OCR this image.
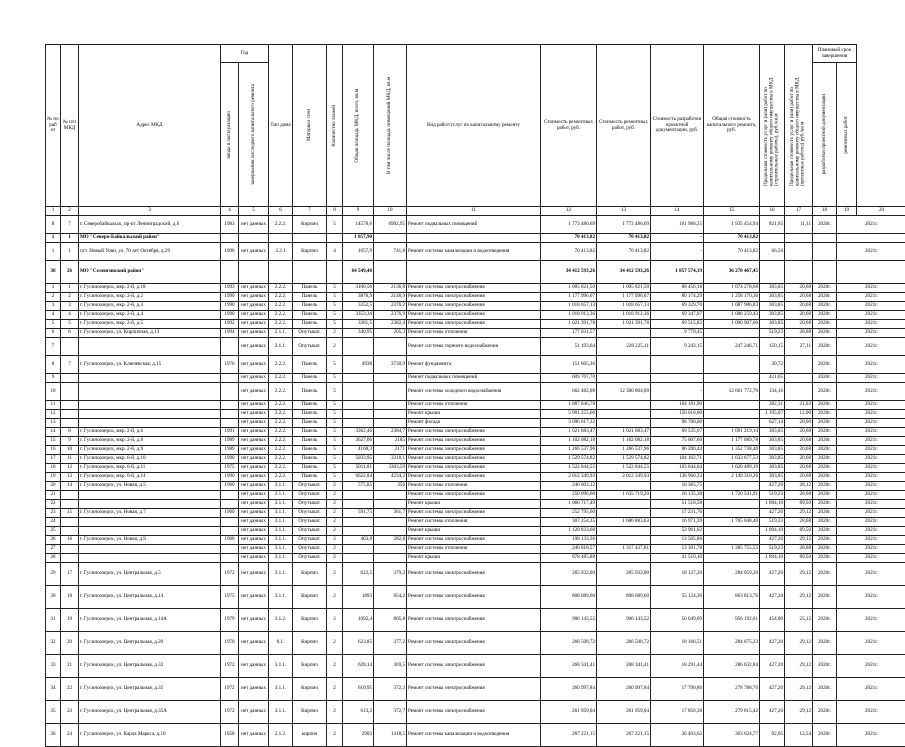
№ по раб от	№ п/п МКД	Адрес МКД	Год		Тип дома	Материал стен	Количество этажей	Общая площадь МКД, всего, кв.м	В том числе площадь помещений МКД, кв.м	Вид работ/услуг по капитальному ремонту	Стоимость ремонтных работ, руб.	Стоимость ремонтных работ, руб.	Стоимость разработки проектной документации, руб.	Общая стоимость капитального ремонта, руб.	Предельная стоимость услуг и (или) работ по капитальному ремонту общего имущества в МКД (строительные работы), руб./кв.м	Предельная стоимость услуг и (или) работ по капитальному ремонту общего имущества в МКД (проектные работы) руб./кв.м	Плановый срок завершения		

			ввода в эксплуатацию	завершения последнего капитального ремонта													разработки проектной документации	ремонтных работ	

1	2	3	4	5	6	7	8	9	10	11	12	13	14	15	16	17	18	19	20
8	7	г. Северобайкальск, пр-кт Ленинградский, д.6	1983	нет данных	2.2.2.	Кирпич	5	14578,6	6992,95	Ремонт подвальных помещений	1 773 486,69	1 773 486,69	161 968,25	1 935 454,94	821,65	11,11	2020г.	2021г.	
1	1	МО "Северо-Байкальский район"						1 057,90			70 413,82	70 413,82	-	70 413,82					
1	1	пгт. Новый Уоян, ул. 70 лет Октября, д.29	1990	нет данных	3.2.1	Кирпич	4	1057,9	741,8	Ремонт системы канализации и водоотведения	70 413,82	70 413,82	-	70 413,82	66,56			2021г.	
38	26	МО "Селенгинский район"						64 549,48			34 412 593,26	34 412 593,26	1 857 574,19	36 270 467,45					
1	1	г. Гусиноозерск, мкр. 2-й, д.18	1993	нет данных	2.2.2.	Панель	5	3100,56	2136,8	Ремонт системы электроснабжения	1 005 821,50	1 005 821,50	68 456,18	1 074 278,68	303,85	20,68	2020г.	2021г.	
2	2	г. Гусиноозерск, мкр. 2-й, д.2	1990	нет данных	2.2.2.	Панель	5	3876,9	2148,9	Ремонт системы электроснабжения	1 177 996,07	1 177 996,07	80 174,29	1 258 170,36	303,85	20,68	2020г.	2021г.	
3	3	г. Гусиноозерск, мкр. 2-й, д.3	1990	нет данных	2.2.2.	Панель	5	3352,5	2376,2	Ремонт системы электроснабжения	1 018 657,13	1 018 657,13	69 329,70	1 087 986,83	303,85	20,68	2020г.	2021г.	
4	4	г. Гусиноозерск, мкр. 2-й, д.4	1990	нет данных	2.2.2.	Панель	5	3353,34	2376,9	Ремонт системы электроснабжения	1 018 912,36	1 018 912,36	69 347,07	1 088 259,43	303,85	20,68	2020г.	2021г.	
5	5	г. Гусиноозерск, мкр. 2-й, д.5	1992	нет данных	2.2.2.	Панель	5	3361,5	2382,4	Ремонт системы электроснабжения	1 021 391,78	1 021 391,78	69 515,82	1 090 907,60	303,85	20,68	2020г.	2021г.	
6	6	г. Гусиноозерск, ул. Кирпичная, д.13	1994	нет данных	2.1.1.	Опутыкат.	2	340,95	205,3	Ремонт системы отопления	177 031,57		9 778,45		519,23	28,68	2020г.	2021г.	
7				нет данных	2.1.1.	Опутыкат.	2			Ремонт системы горячего водоснабжения	51 193,64	228 225,11	9 243,15	247 246,71	150,15	27,11	2020г.	2021г.	
8	7	г. Гусиноозерск, ул. Ключевская, д.15	1976	нет данных	2.2.2.	Панель	5	4938	3730,9	Ремонт фундамента	151 605,36				30,72		2020г.	2021г.	
9				нет данных	2.2.2.	Панель	5			Ремонт подвальных помещений	609 707,70				421,65		2020г.	2021г.	
10				нет данных	2.2.2.	Панель	5			Ремонт системы холодного водоснабжения	662 482,08	12 300 804,00	-	12 661 772,70	134,16		2020г.	2021г.	
11				нет данных	2.2.2.	Панель	5			Ремонт системы отопления	1 887 846,78		164 191,90		382,31	21,03	2020г.	2021г.	
12				нет данных	2.2.2.	Панель	5			Ремонт крыши	5 901 255,66		156 016,00		1 195,07	12,00	2020г.	2021г.	
13				нет данных	2.2.2.	Панель	5			Ремонт фасада	3 096 017,32		98 760,00		627,14	20,00	2020г.	2021г.	
14	8	г. Гусиноозерск, мкр. 2-й, д.6	1991	нет данных	2.2.2.	Панель	5	3362,46	2384,7	Ремонт системы электроснабжения	1 021 683,47	1 021 683,47	69 535,67	1 091 219,14	303,85	20,68	2020г.	2021г.	
15	9	г. Гусиноозерск, мкр. 2-й, д.8	1989	нет данных	2.2.2.	Панель	5	3627,06	2185	Ремонт системы электроснабжения	1 102 082,18	1 102 082,18	75 007,60	1 177 089,78	303,85	20,68	2020г.	2021г.	
16	10	г. Гусиноозерск, мкр. 2-й, д.9	1989	нет данных	2.2.2.	Панель	5	4168,3	2171	Ремонт системы электроснабжения	1 266 537,96	1 266 537,96	86 200,44	1 352 738,40	303,85	20,68	2020г.	2021г.	
17	11	г. Гусиноозерск, мкр. 6-й, д.10	1990	нет данных	2.2.2.	Панель	5	5033,95	3318,1	Ремонт системы электроснабжения	1 529 574,82	1 529 574,82	104 102,71	1 633 677,53	303,85	20,68	2020г.	2021г.	
18	12	г. Гусиноозерск, мкр. 6-й, д.11	1975	нет данных	2.2.2.	Панель	5	5011,81	3303,59	Ремонт системы электроснабжения	1 522 844,55	1 522 844,55	103 644,64	1 626 489,19	303,85	20,68	2020г.	2021г.	
19	13	г. Гусиноозерск, мкр. 6-й, д.14	1990	нет данных	2.2.2.	Панель	5	6622,84	4234,2	Ремонт системы электроснабжения	2 012 349,93	2 012 349,93	136 960,33	2 149 310,26	303,85	20,68	2020г.	2021г.	
20	14	г. Гусиноозерск, ул. Новая, д.5	1960	нет данных	3.1.1.	Опутыкат.	2	575,85	356	Ремонт системы отопления	246 003,12		16 365,75		427,20	28,12	2020г.	2021г.	
21				нет данных	3.1.1.	Опутыкат.	2			Ремонт системы электроснабжения	250 096,60	1 635 719,20	16 135,38	1 720 541,91	519,23	28,68	2020г.	2021г.	
22				нет данных	3.1.1.	Опутыкат.	2			Ремонт крыши	1 060 717,49		51 518,58		1 894,10	89,50	2020г.	2021г.	
23	15	г. Гусиноозерск, ул. Новая, д.7	1960	нет данных	3.1.1.	Опутыкат.	2	591,75	361,7	Ремонт системы электроснабжения	252 795,60		17 231,76		427,20	29,12	2020г.	2021г.	
24				нет данных	3.1.1.	Опутыкат.	2			Ремонт системы отопления	307 254,35	1 680 883,63	16 971,39	1 765 048,40	519,23	28,68	2020г.	2021г.	
25				нет данных	3.1.1.	Опутыкат.	2			Ремонт крыши	1 120 833,68		52 961,62		1 894,10	89,50	2020г.	2021г.	
26	16	г. Гусиноозерск, ул. Новая, д.9	1960	нет данных	3.1.1.	Опутыкат.	2	463,8	282,8	Ремонт системы электроснабжения	198 133,36		13 505,86		427,20	29,12	2020г.	2021г.	
27				нет данных	3.1.1.	Опутыкат.	2			Ремонт системы отопления	240 818,57	1 317 437,81	13 301,78	1 385 755,55	519,23	28,68	2020г.	2021г.	
28				нет данных	3.1.1.	Опутыкат.	2			Ремонт крыши	878 485,88		41 510,10		1 894,10	89,50	2020г.	2021г.	
29	17	г. Гусиноозерск, ул. Центральная, д.5	1972	нет данных	3.1.1.	Кирпич	2	622,5	379,2	Ремонт системы электроснабжения	265 932,00	265 932,00	18 127,20	284 059,20	427,20	29,12	2020г.	2021г.	
30	18	г. Гусиноозерск, ул. Центральная, д.14	1975	нет данных	3.1.1.	Кирпич	2	1893	854,2	Ремонт системы электроснабжения	808 689,60	808 689,60	55 124,36	863 813,76	427,20	29,12	2020г.	2021г.	
31	19	г. Гусиноозерск, ул. Центральная, д.14А	1979	нет данных	3.1.2.	Кирпич	2	1092,4	805,8	Ремонт системы электроснабжения	906 143,52	906 143,52	50 049,69	956 192,61	454,80	25,12	2020г.	2021г.	
32	20	г. Гусиноозерск, ул. Центральная, д.20	1970	нет данных	6.1.	Кирпич	2	623,85	377,2	Ремонт системы электроснабжения	266 508,72	266 508,72	18 166,51	284 675,23	427,20	29,12	2020г.	2021г.	
33	21	г. Гусиноозерск, ул. Центральная, д.33	1972	нет данных	3.1.1.	Кирпич	2	628,14	369,5	Ремонт системы электроснабжения	268 341,41	268 341,41	18 291,44	286 632,84	427,20	29,12	2020г.	2021г.	
34	22	г. Гусиноозерск, ул. Центральная, д.35	1972	нет данных	3.1.1.	Кирпич	2	610,95	372,3	Ремонт системы электроснабжения	260 997,84	260 997,84	17 790,86	278 788,70	427,20	29,12	2020г.	2021г.	
35	23	г. Гусиноозерск, ул. Центральная, д.35А	1972	нет данных	3.1.1.	Кирпич	2	613,2	372,7	Ремонт системы электроснабжения	261 959,04	261 959,04	17 856,38	279 815,42	427,20	29,12	2020г.	2021г.	
36	24	г. Гусиноозерск, ул. Карла Маркса, д.10	1958	нет данных	2.1.2.	кирпич	2	2903	1418,5	Ремонт системы канализации и водоотведения	267 221,15	267 221,15	36 403,62	303 624,77	92,05	12,54	2020г.	2021г.	
